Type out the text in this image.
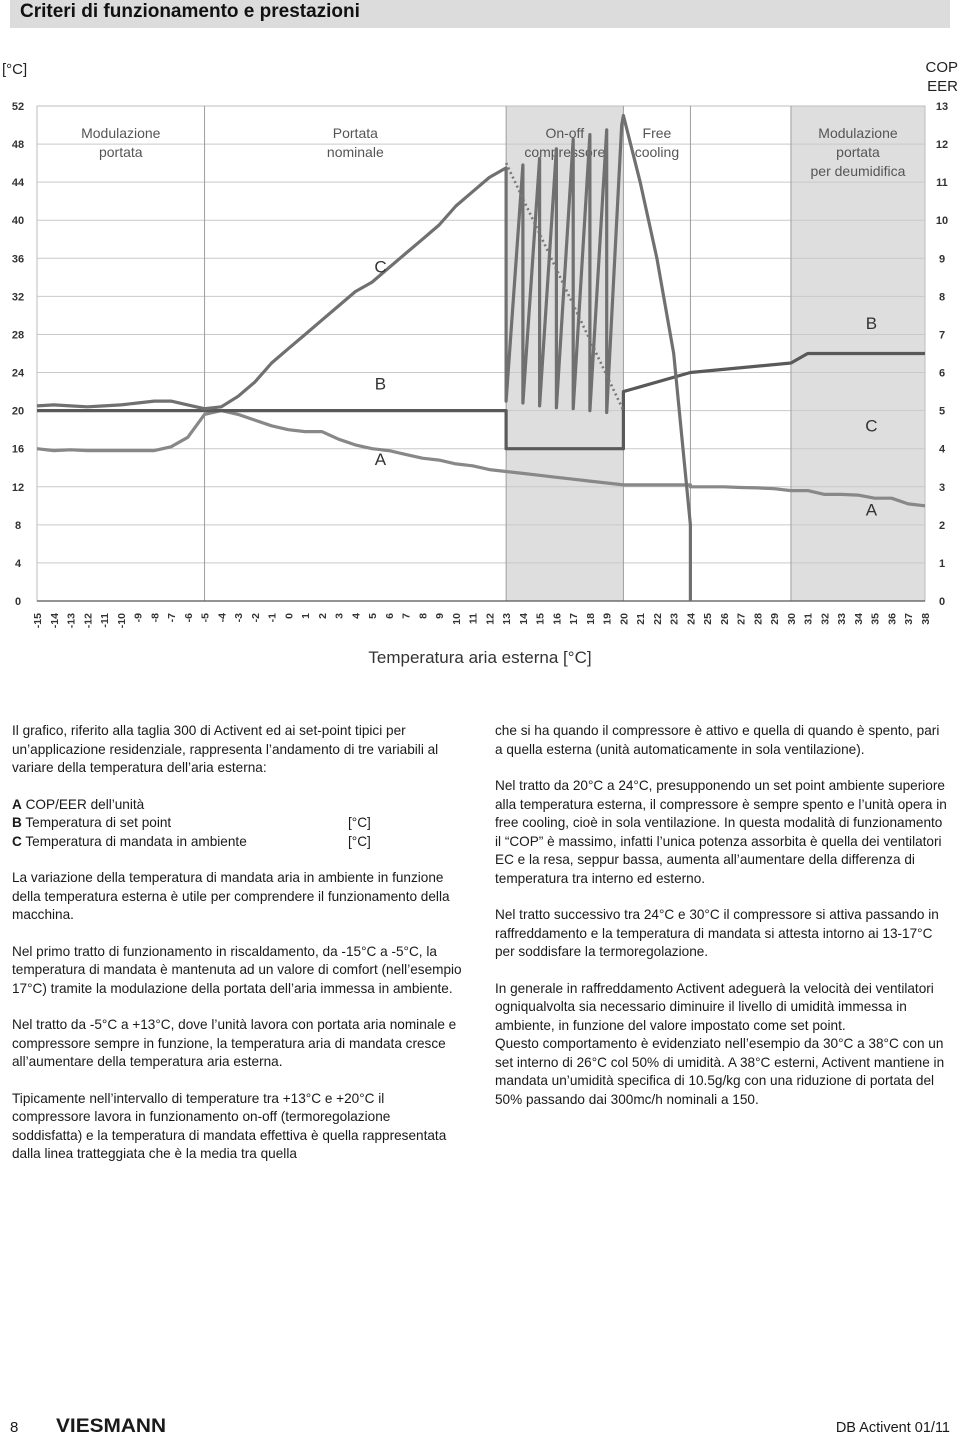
Criteri di funzionamento e prestazioni
[°C]	COP
EER
Modulazione
portata
Portata
nominale
On-off
compressore
Free
cooling
Modulazione
portata
per deumidifica
C
B
A
B
C
A
0
4
8
12
16
20
24
28
32
36
40
44
48
52
0
1
2
3
4
5
6
7
8
9
10
11
12
13
-15 -14 -13 -12 -11 -10 -9 -8 -7 -6 -5 -4 -3 -2 -1 0 1 2 3 4 5 6 7 8 9 10 11 12 13 14 15 16 17 18 19 20 21 22 23 24 25 26 27 28 29 30 31 32 33 34 35 36 37 38
Temperatura aria esterna [°C]

Il grafico, riferito alla taglia 300 di Activent ed ai set-point tipici per un’applicazione residenziale, rappresenta l’andamento di tre variabili al variare della temperatura dell’aria esterna:

A COP/EER dell’unità
B Temperatura di set point	[°C]
C Temperatura di mandata in ambiente	[°C]

La variazione della temperatura di mandata aria in ambiente in funzione della temperatura esterna è utile per comprendere il funzionamento della macchina.

Nel primo tratto di funzionamento in riscaldamento, da -15°C a -5°C, la temperatura di mandata è mantenuta ad un valore di comfort (nell’esempio 17°C) tramite la modulazione della portata dell’aria immessa in ambiente.

Nel tratto da -5°C a +13°C, dove l’unità lavora con portata aria nominale e compressore sempre in funzione, la temperatura aria di mandata cresce all’aumentare della temperatura aria esterna.

Tipicamente nell’intervallo di temperature tra +13°C e +20°C il compressore lavora in funzionamento on-off (termoregolazione soddisfatta) e la temperatura di mandata effettiva è quella rappresentata dalla linea tratteggiata che è la media tra quella

che si ha quando il compressore è attivo e quella di quando è spento, pari a quella esterna (unità automaticamente in sola ventilazione).

Nel tratto da 20°C a 24°C, presupponendo un set point ambiente superiore alla temperatura esterna, il compressore è sempre spento e l’unità opera in free cooling, cioè in sola ventilazione. In questa modalità di funzionamento il “COP” è massimo, infatti l’unica potenza assorbita è quella dei ventilatori EC e la resa, seppur bassa, aumenta all’aumentare della differenza di temperatura tra interno ed esterno.

Nel tratto successivo tra 24°C e 30°C il compressore si attiva passando in raffreddamento e la temperatura di mandata si attesta intorno ai 13-17°C per soddisfare la termoregolazione.

In generale in raffreddamento Activent adeguerà la velocità dei ventilatori ogniqualvolta sia necessario diminuire il livello di umidità immessa in ambiente, in funzione del valore impostato come set point.

Questo comportamento è evidenziato nell’esempio da 30°C a 38°C con un set interno di 26°C col 50% di umidità. A 38°C esterni, Activent mantiene in mandata un’umidità specifica di 10.5g/kg con una riduzione di portata del 50% passando dai 300mc/h nominali a 150.

8 VIESMANN	DB Activent 01/11
